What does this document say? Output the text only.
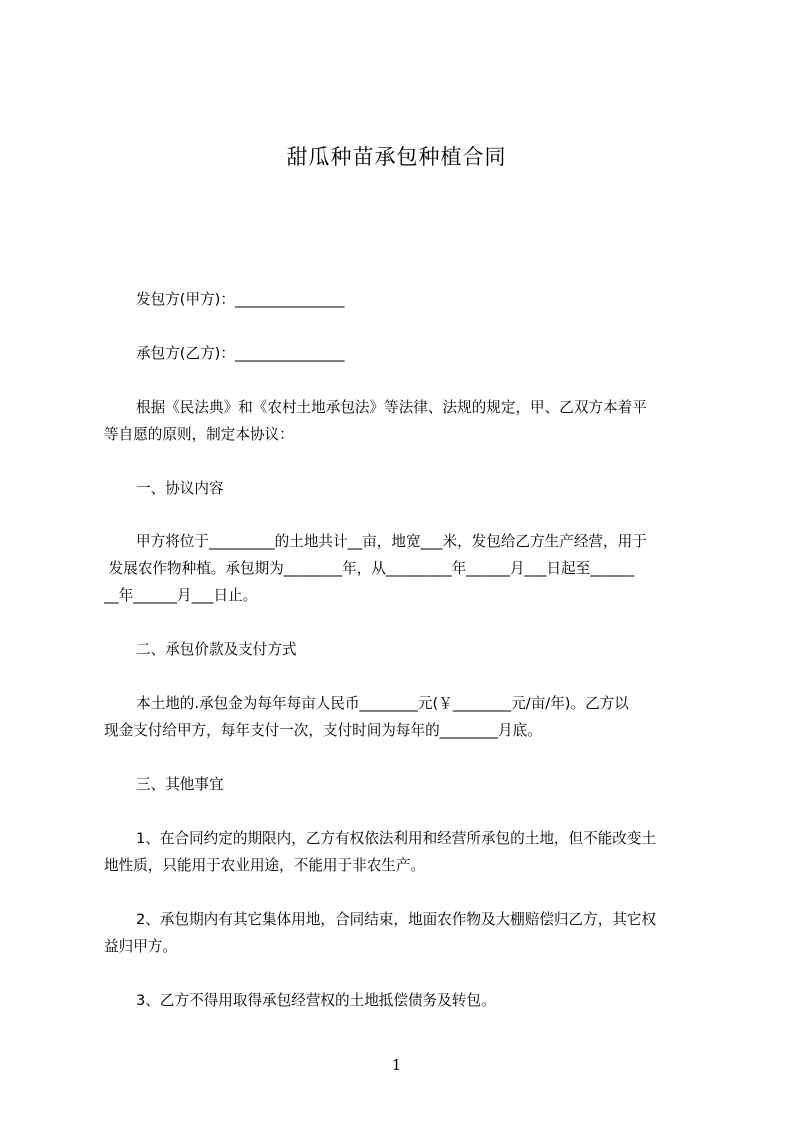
甜瓜种苗承包种植合同
发包方(甲方)：_______________
承包方(乙方)：_______________
根据《民法典》和《农村土地承包法》等法律、法规的规定，甲、乙双方本着平
等自愿的原则，制定本协议：
一、协议内容
甲方将位于_________的土地共计__亩，地宽___米，发包给乙方生产经营，用于
发展农作物种植。承包期为________年，从_________年______月___日起至______
__年______月___日止。
二、承包价款及支付方式
本土地的.承包金为每年每亩人民币________元(￥________元/亩/年)。乙方以
现金支付给甲方，每年支付一次，支付时间为每年的________月底。
三、其他事宜
1、在合同约定的期限内，乙方有权依法利用和经营所承包的土地，但不能改变土
地性质，只能用于农业用途，不能用于非农生产。
2、承包期内有其它集体用地，合同结束，地面农作物及大棚赔偿归乙方，其它权
益归甲方。
3、乙方不得用取得承包经营权的土地抵偿债务及转包。
1
